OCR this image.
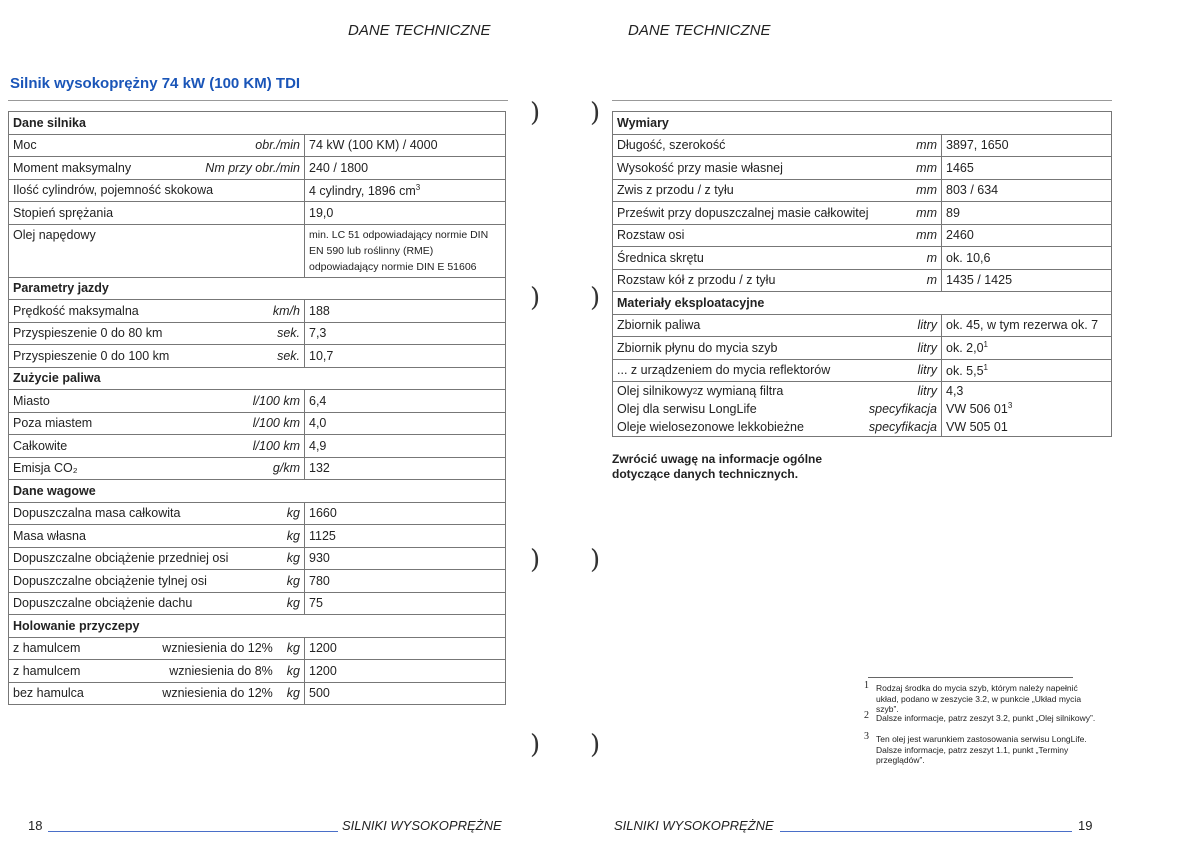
DANE TECHNICZNE	DANE TECHNICZNE
Silnik wysokoprężny 74 kW (100 KM) TDI
Dane silnika	

Moc obr./min	74 kW (100 KM) / 4000

Moment maksymalny Nm przy obr./min	240 / 1800

Ilość cylindrów, pojemność skokowa	4 cylindry, 1896 $cm^3$

Stopień sprężania	19,0

Olej napędowy	min. LC 51 odpowiadający normie DIN EN 590 lub roślinny (RME) odpowiadający normie DIN E 51606
Parametry jazdy	

Prędkość maksymalna km/h	188

Przyspieszenie 0 do 80 km sek.	7,3

Przyspieszenie 0 do 100 km sek.	10,7
Zużycie paliwa	

Miasto l/100 km	6,4

Poza miastem l/100 km	4,0

Całkowite l/100 km	4,9

Emisja CO₂ g/km	132
Dane wagowe	

Dopuszczalna masa całkowita kg	1660

Masa własna kg	1125

Dopuszczalne obciążenie przedniej osi kg	930

Dopuszczalne obciążenie tylnej osi kg	780

Dopuszczalne obciążenie dachu kg	75
Holowanie przyczepy	

z hamulcem wzniesienia do 12% kg	1200

z hamulcem wzniesienia do 8% kg	1200

bez hamulca wzniesienia do 12% kg	500
Wymiary	

Długość, szerokość mm	3897, 1650

Wysokość przy masie własnej mm	1465

Zwis z przodu / z tyłu mm	803 / 634

Prześwit przy dopuszczalnej masie całkowitej mm	89

Rozstaw osi mm	2460

Średnica skrętu m	ok. 10,6

Rozstaw kół z przodu / z tyłu m	1435 / 1425
Materiały eksploatacyjne	

Zbiornik paliwa litry	ok. 45, w tym rezerwa ok. 7

Zbiornik płynu do mycia szyb litry	ok. $2,0^1$

... z urządzeniem do mycia reflektorów litry	ok. $5,5^1$

Olej silnikowy 2 z wymianą filtra litry	4,3

Olej dla serwisu LongLife specyfikacja	VW 506 $01^3$

Oleje wielosezonowe lekkobieżne specyfikacja	VW 505 01
Zwrócić uwagę na informacje ogólne dotyczące danych technicznych.
1 Rodzaj środka do mycia szyb, którym należy napełnić układ, podano w zeszycie 3.2, w punkcie „Układ mycia szyb”.
2 Dalsze informacje, patrz zeszyt 3.2, punkt „Olej silnikowy”.
3 Ten olej jest warunkiem zastosowania serwisu LongLife. Dalsze informacje, patrz zeszyt 1.1, punkt „Terminy przeglądów”.
) )
) )
) )
) )
18	SILNIKI WYSOKOPRĘŻNE	SILNIKI WYSOKOPRĘŻNE	19
